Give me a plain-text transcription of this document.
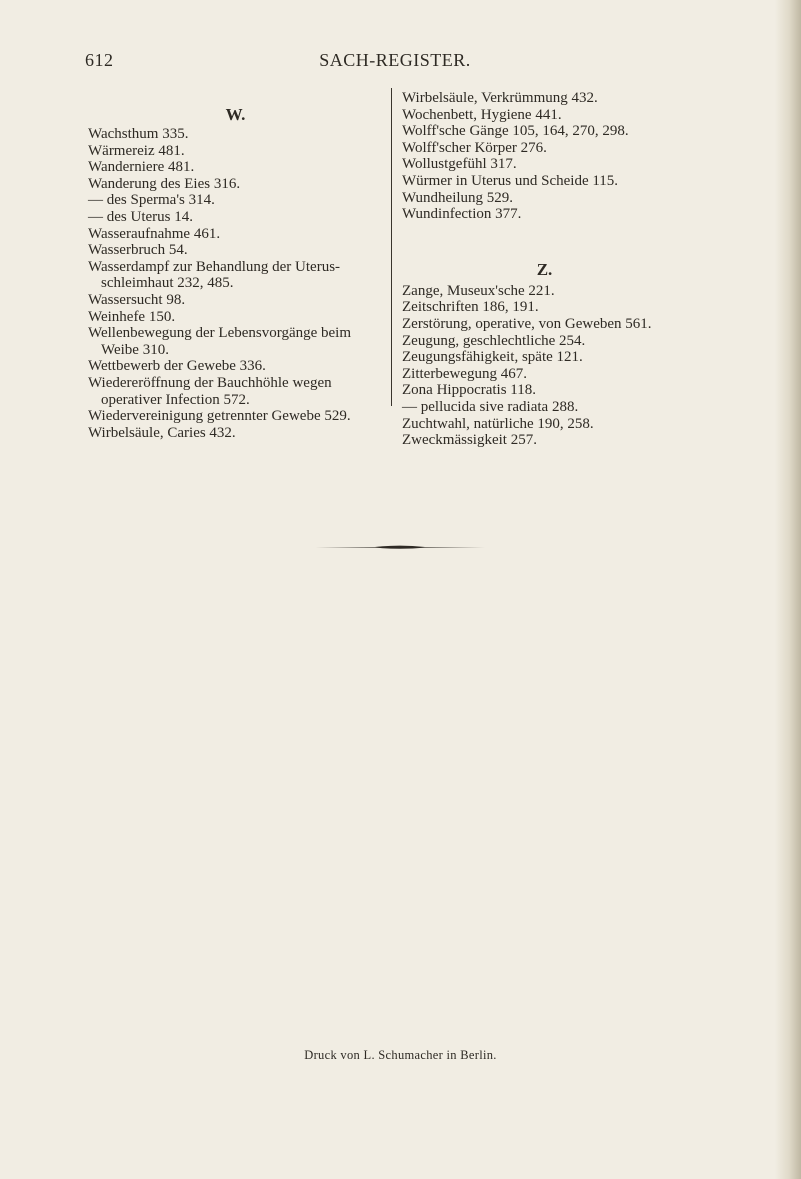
612	SACH-REGISTER.

W.

Wachsthum 335.

Wärmereiz 481.

Wanderniere 481.

Wanderung des Eies 316.

— des Sperma's 314.

— des Uterus 14.

Wasseraufnahme 461.

Wasserbruch 54.

Wasserdampf zur Behandlung der Uterus-schleimhaut 232, 485.

Wassersucht 98.

Weinhefe 150.

Wellenbewegung der Lebensvorgänge beim Weibe 310.

Wettbewerb der Gewebe 336.

Wiedereröffnung der Bauchhöhle wegen operativer Infection 572.

Wiedervereinigung getrennter Gewebe 529.

Wirbelsäule, Caries 432.

Wirbelsäule, Verkrümmung 432.

Wochenbett, Hygiene 441.

Wolff'sche Gänge 105, 164, 270, 298.

Wolff'scher Körper 276.

Wollustgefühl 317.

Würmer in Uterus und Scheide 115.

Wundheilung 529.

Wundinfection 377.

Z.

Zange, Museux'sche 221.

Zeitschriften 186, 191.

Zerstörung, operative, von Geweben 561.

Zeugung, geschlechtliche 254.

Zeugungsfähigkeit, späte 121.

Zitterbewegung 467.

Zona Hippocratis 118.

— pellucida sive radiata 288.

Zuchtwahl, natürliche 190, 258.

Zweckmässigkeit 257.

Druck von L. Schumacher in Berlin.
